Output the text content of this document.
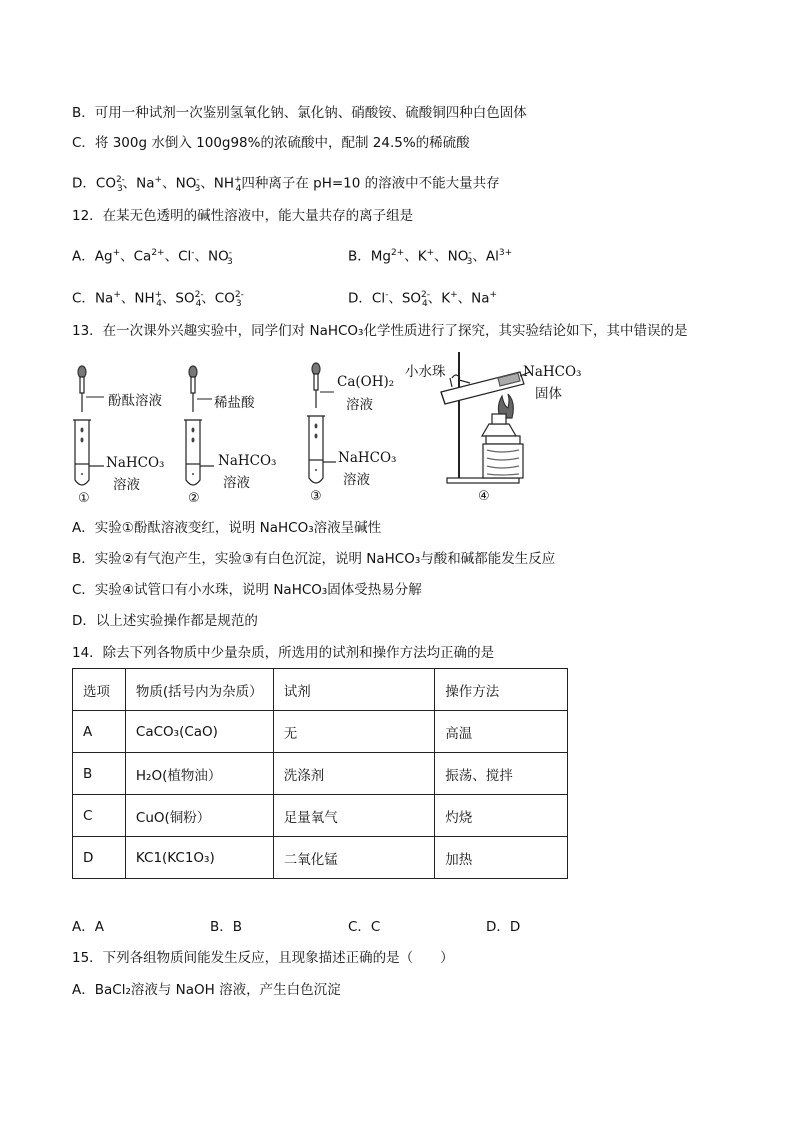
B．可用一种试剂一次鉴别氢氧化钠、氯化钠、硝酸铵、硫酸铜四种白色固体
C．将 300g 水倒入 100g98%的浓硫酸中，配制 24.5%的稀硫酸
D．$CO^{2-}_3$、Na+、$NO^-_3$、$NH^+_4$四种离子在 pH=10 的溶液中不能大量共存
12．在某无色透明的碱性溶液中，能大量共存的离子组是
A．Ag+、$Ca^{2+}$、Cl-、$NO^-_3$	B．$Mg^{2+}$、K+、$NO^-_3$、$Al^{3+}$
C．Na+、$NH^+_4$、$SO^{2-}_4$、$CO^{2-}_3$	D．Cl-、$SO^{2-}_4$、K+、Na+
13．在一次课外兴趣实验中，同学们对 NaHCO₃化学性质进行了探究，其实验结论如下，其中错误的是
酚酞溶液	稀盐酸
Ca(OH)₂
溶液
NaHCO₃
溶液
NaHCO₃
溶液
NaHCO₃
溶液
小水珠	NaHCO₃
固体
①	②	③	④
A．实验①酚酞溶液变红，说明 NaHCO₃溶液呈碱性
B．实验②有气泡产生，实验③有白色沉淀，说明 NaHCO₃与酸和碱都能发生反应
C．实验④试管口有小水珠，说明 NaHCO₃固体受热易分解
D．以上述实验操作都是规范的
14．除去下列各物质中少量杂质，所选用的试剂和操作方法均正确的是
选项	物质(括号内为杂质）	试剂	操作方法
A	CaCO₃(CaO)	无	高温
B	H₂O(植物油）	洗涤剂	振荡、搅拌
C	CuO(铜粉）	足量氧气	灼烧
D	KC1(KC1O₃)	二氧化锰	加热
A．A	B．B	C．C	D．D
15．下列各组物质间能发生反应，且现象描述正确的是（　　）
A．BaCl₂溶液与 NaOH 溶液，产生白色沉淀
